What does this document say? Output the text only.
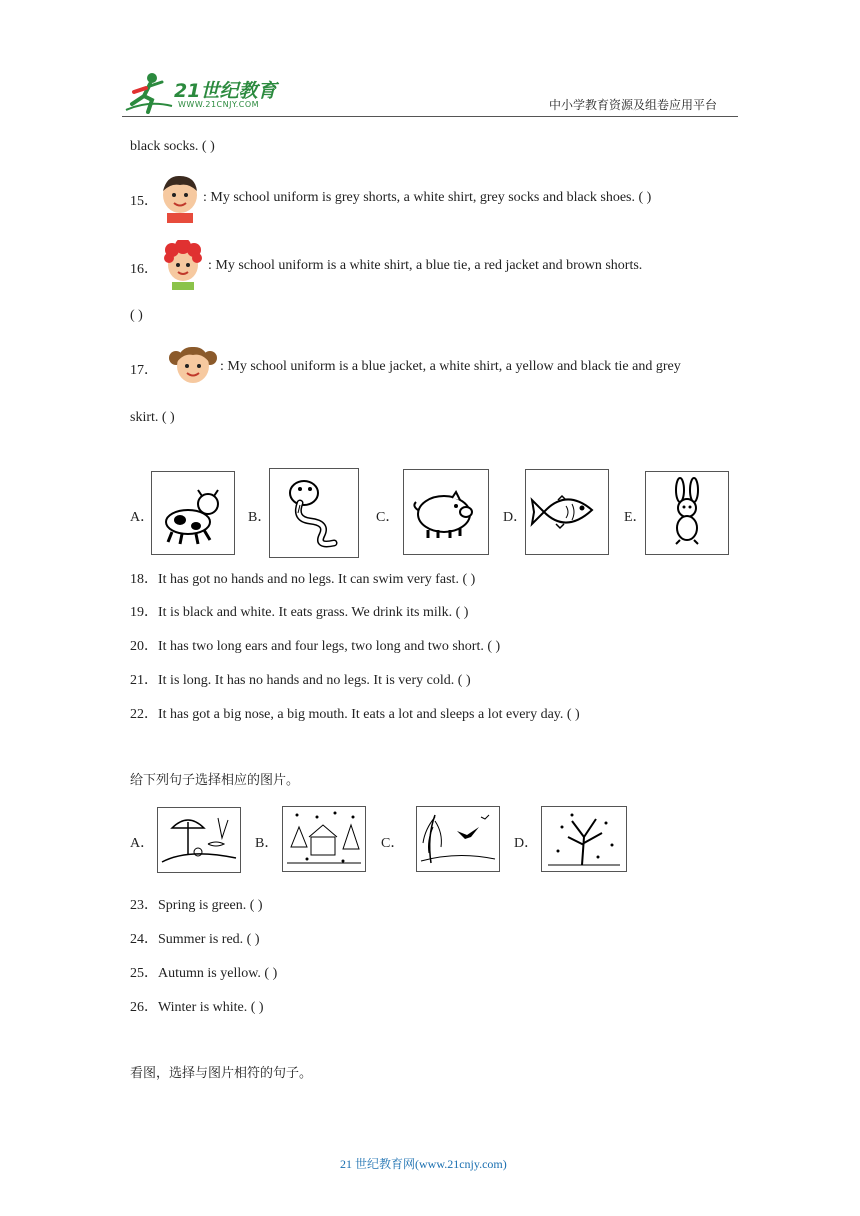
21世纪教育
WWW.21CNJY.COM	中小学教育资源及组卷应用平台
black socks. ( )
15．	: My school uniform is grey shorts, a white shirt, grey socks and black shoes. ( )
16．	: My school uniform is a white shirt, a blue tie, a red jacket and brown shorts.
( )
17．	: My school uniform is a blue jacket, a white shirt, a yellow and black tie and grey
skirt. ( )
A．	B．	C．	D．	E．
18．It has got no hands and no legs. It can swim very fast. ( )
19．It is black and white. It eats grass. We drink its milk. ( )
20．It has two long ears and four legs, two long and two short. ( )
21．It is long. It has no hands and no legs. It is very cold. ( )
22．It has got a big nose, a big mouth. It eats a lot and sleeps a lot every day. ( )
给下列句子选择相应的图片。
A．	B．	C．	D．
23．Spring is green. ( )
24．Summer is red. ( )
25．Autumn is yellow. ( )
26．Winter is white. ( )
看图，选择与图片相符的句子。
21 世纪教育网(www.21cnjy.com)
